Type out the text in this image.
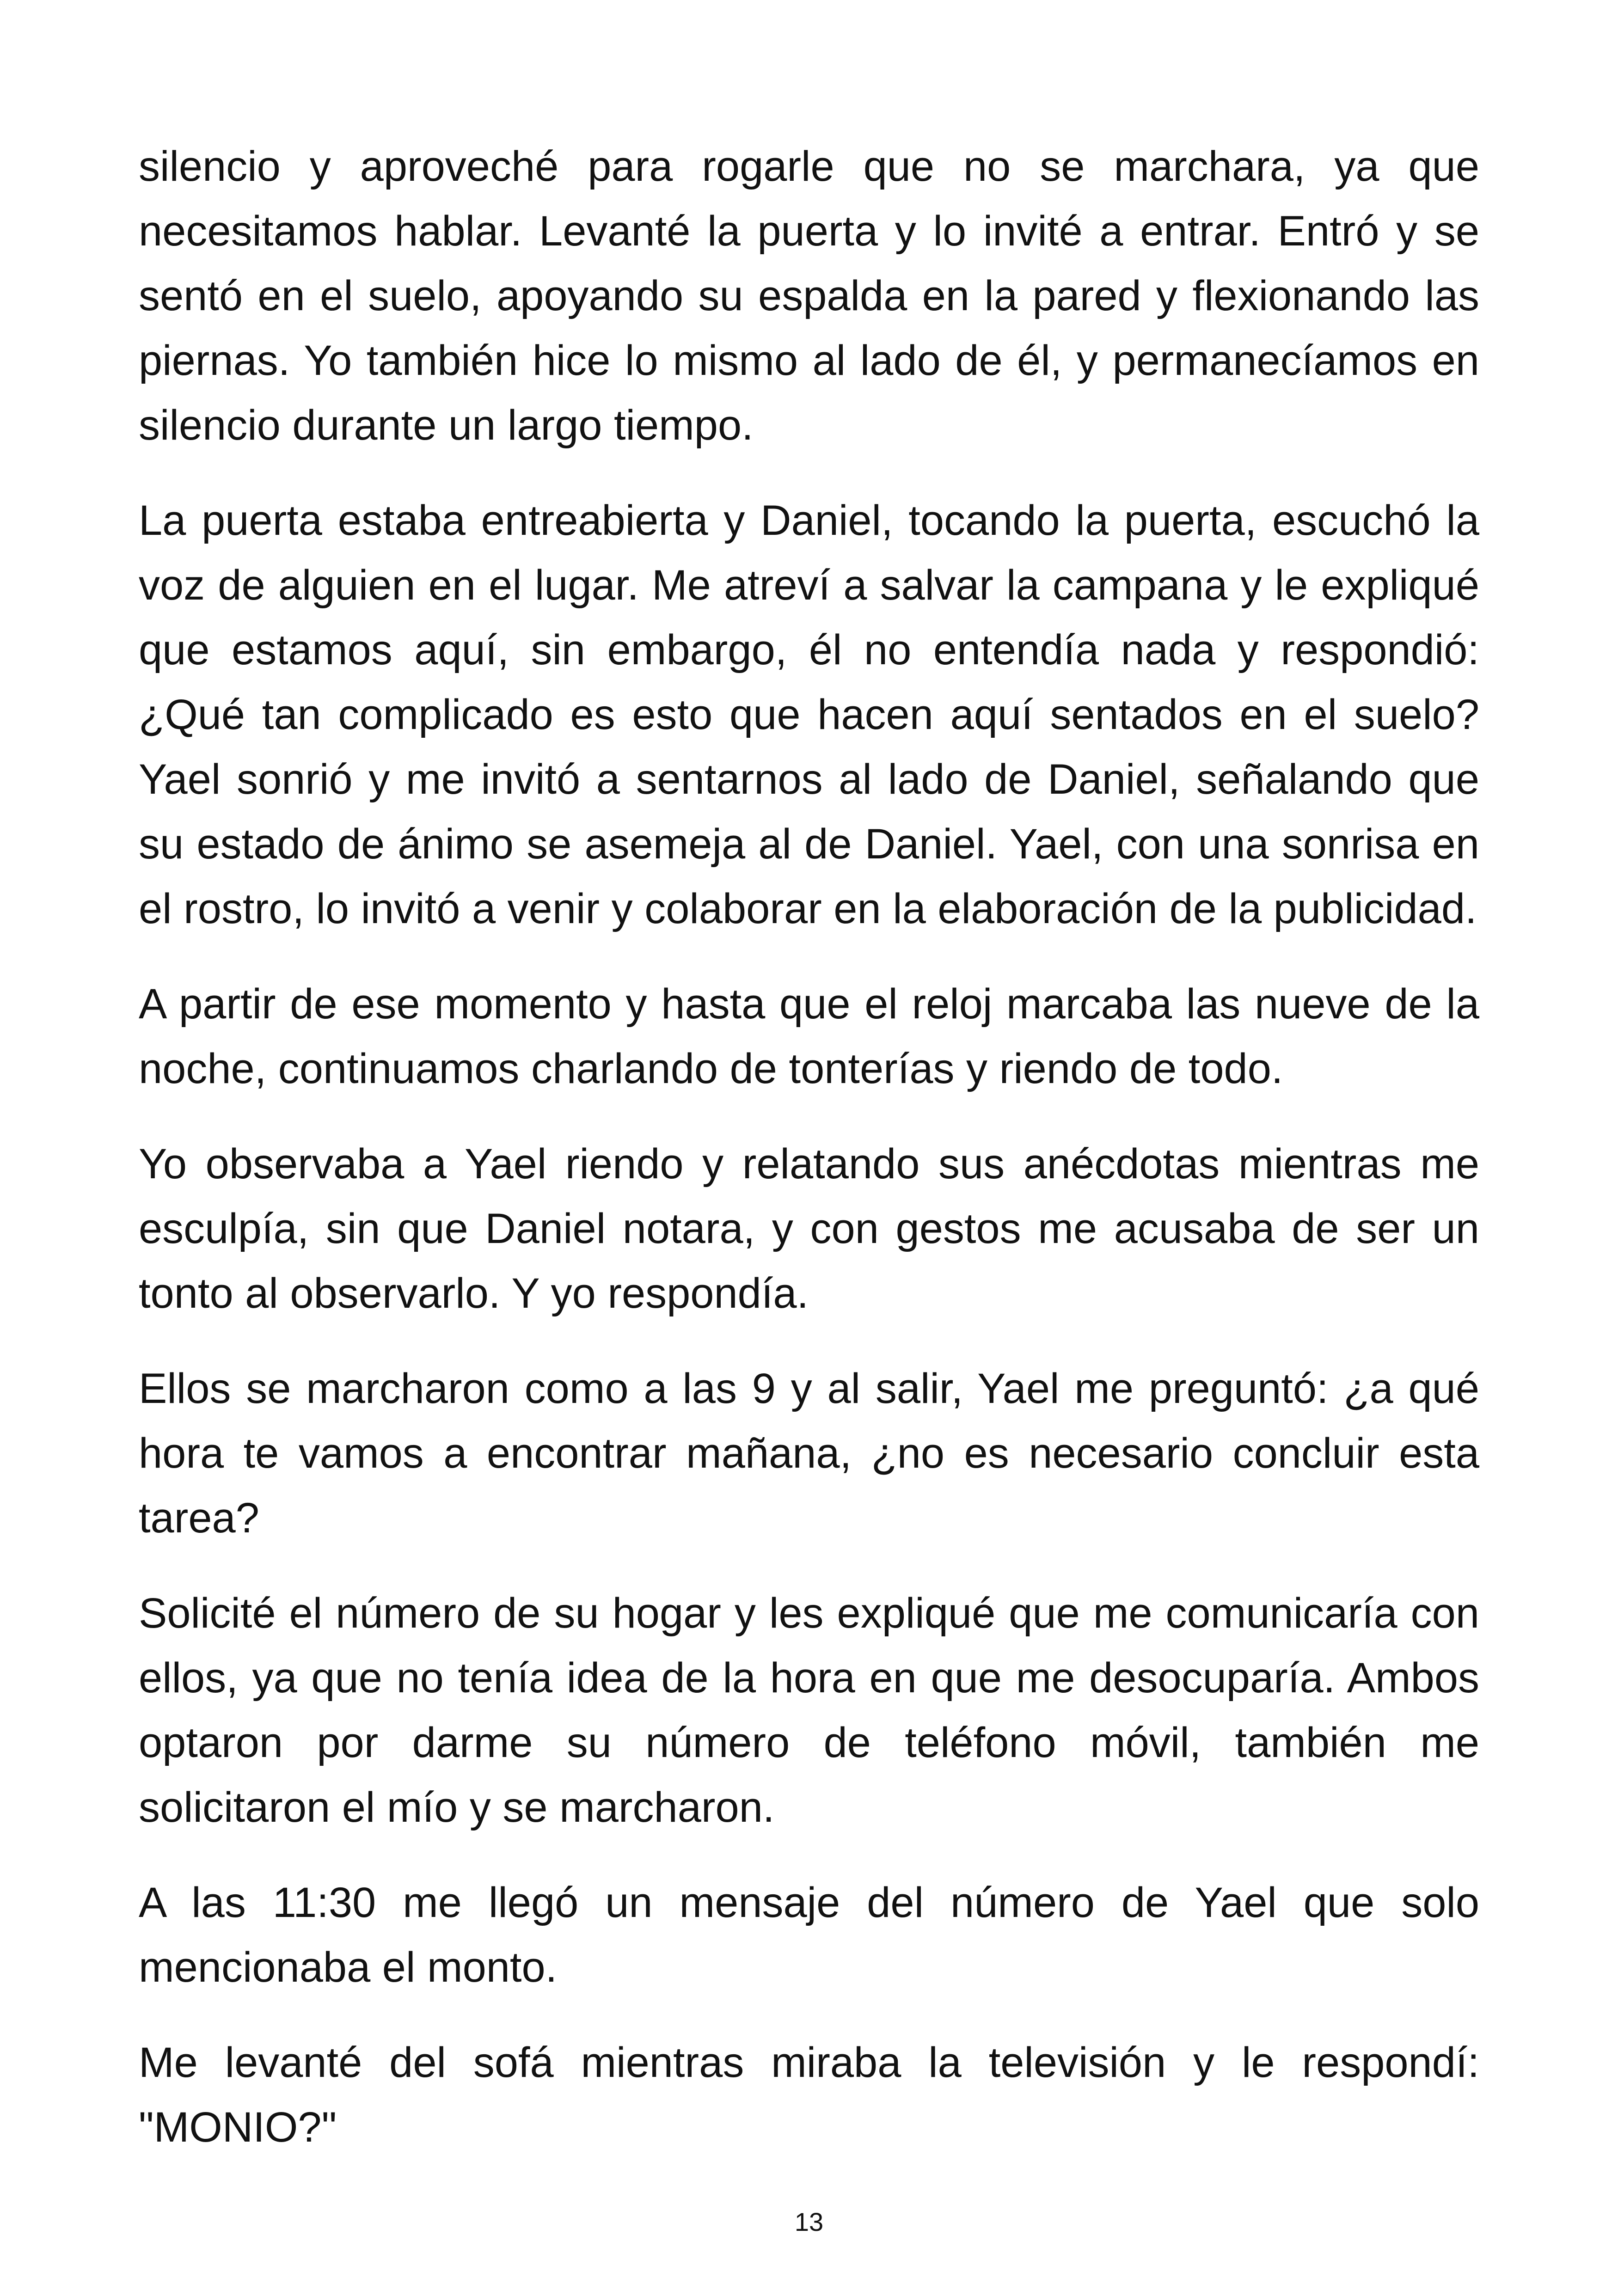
silencio y aproveché para rogarle que no se marchara, ya que necesitamos hablar. Levanté la puerta y lo invité a entrar. Entró y se sentó en el suelo, apoyando su espalda en la pared y flexionando las piernas. Yo también hice lo mismo al lado de él, y permanecíamos en silencio durante un largo tiempo.

La puerta estaba entreabierta y Daniel, tocando la puerta, escuchó la voz de alguien en el lugar. Me atreví a salvar la campana y le expliqué que estamos aquí, sin embargo, él no entendía nada y respondió: ¿Qué tan complicado es esto que hacen aquí sentados en el suelo? Yael sonrió y me invitó a sentarnos al lado de Daniel, señalando que su estado de ánimo se asemeja al de Daniel. Yael, con una sonrisa en el rostro, lo invitó a venir y colaborar en la elaboración de la publicidad.

A partir de ese momento y hasta que el reloj marcaba las nueve de la noche, continuamos charlando de tonterías y riendo de todo.

Yo observaba a Yael riendo y relatando sus anécdotas mientras me esculpía, sin que Daniel notara, y con gestos me acusaba de ser un tonto al observarlo. Y yo respondía.

Ellos se marcharon como a las 9 y al salir, Yael me preguntó: ¿a qué hora te vamos a encontrar mañana, ¿no es necesario concluir esta tarea?

Solicité el número de su hogar y les expliqué que me comunicaría con ellos, ya que no tenía idea de la hora en que me desocuparía. Ambos optaron por darme su número de teléfono móvil, también me solicitaron el mío y se marcharon.

A las 11:30 me llegó un mensaje del número de Yael que solo mencionaba el monto.

Me levanté del sofá mientras miraba la televisión y le respondí: "MONIO?"

13
